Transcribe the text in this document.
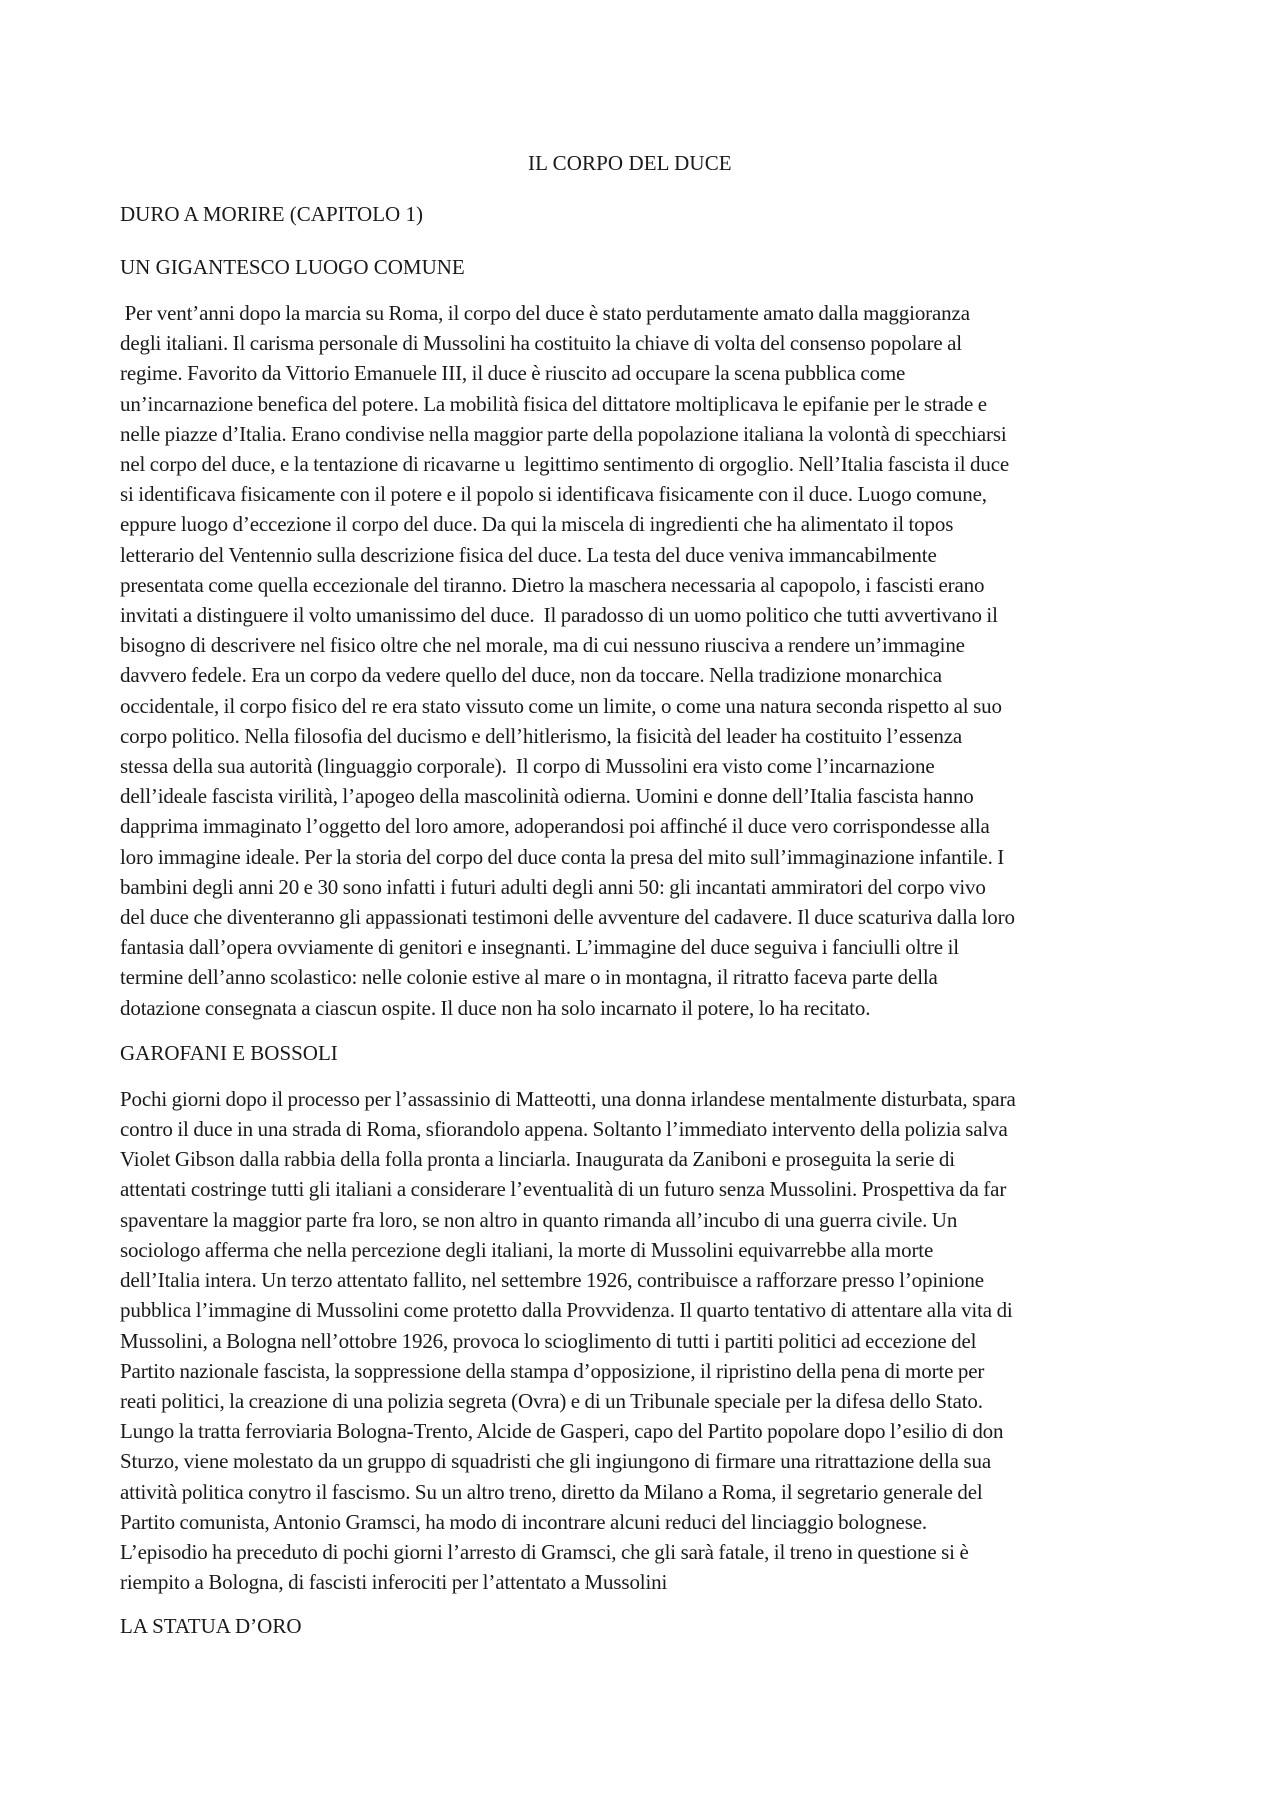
IL CORPO DEL DUCE
DURO A MORIRE (CAPITOLO 1)
UN GIGANTESCO LUOGO COMUNE
Per vent’anni dopo la marcia su Roma, il corpo del duce è stato perdutamente amato dalla maggioranza
degli italiani. Il carisma personale di Mussolini ha costituito la chiave di volta del consenso popolare al
regime. Favorito da Vittorio Emanuele III, il duce è riuscito ad occupare la scena pubblica come
un’incarnazione benefica del potere. La mobilità fisica del dittatore moltiplicava le epifanie per le strade e
nelle piazze d’Italia. Erano condivise nella maggior parte della popolazione italiana la volontà di specchiarsi
nel corpo del duce, e la tentazione di ricavarne u  legittimo sentimento di orgoglio. Nell’Italia fascista il duce
si identificava fisicamente con il potere e il popolo si identificava fisicamente con il duce. Luogo comune,
eppure luogo d’eccezione il corpo del duce. Da qui la miscela di ingredienti che ha alimentato il topos
letterario del Ventennio sulla descrizione fisica del duce. La testa del duce veniva immancabilmente
presentata come quella eccezionale del tiranno. Dietro la maschera necessaria al capopolo, i fascisti erano
invitati a distinguere il volto umanissimo del duce.  Il paradosso di un uomo politico che tutti avvertivano il
bisogno di descrivere nel fisico oltre che nel morale, ma di cui nessuno riusciva a rendere un’immagine
davvero fedele. Era un corpo da vedere quello del duce, non da toccare. Nella tradizione monarchica
occidentale, il corpo fisico del re era stato vissuto come un limite, o come una natura seconda rispetto al suo
corpo politico. Nella filosofia del ducismo e dell’hitlerismo, la fisicità del leader ha costituito l’essenza
stessa della sua autorità (linguaggio corporale).  Il corpo di Mussolini era visto come l’incarnazione
dell’ideale fascista virilità, l’apogeo della mascolinità odierna. Uomini e donne dell’Italia fascista hanno
dapprima immaginato l’oggetto del loro amore, adoperandosi poi affinché il duce vero corrispondesse alla
loro immagine ideale. Per la storia del corpo del duce conta la presa del mito sull’immaginazione infantile. I
bambini degli anni 20 e 30 sono infatti i futuri adulti degli anni 50: gli incantati ammiratori del corpo vivo
del duce che diventeranno gli appassionati testimoni delle avventure del cadavere. Il duce scaturiva dalla loro
fantasia dall’opera ovviamente di genitori e insegnanti. L’immagine del duce seguiva i fanciulli oltre il
termine dell’anno scolastico: nelle colonie estive al mare o in montagna, il ritratto faceva parte della
dotazione consegnata a ciascun ospite. Il duce non ha solo incarnato il potere, lo ha recitato.
GAROFANI E BOSSOLI
Pochi giorni dopo il processo per l’assassinio di Matteotti, una donna irlandese mentalmente disturbata, spara
contro il duce in una strada di Roma, sfiorandolo appena. Soltanto l’immediato intervento della polizia salva
Violet Gibson dalla rabbia della folla pronta a linciarla. Inaugurata da Zaniboni e proseguita la serie di
attentati costringe tutti gli italiani a considerare l’eventualità di un futuro senza Mussolini. Prospettiva da far
spaventare la maggior parte fra loro, se non altro in quanto rimanda all’incubo di una guerra civile. Un
sociologo afferma che nella percezione degli italiani, la morte di Mussolini equivarrebbe alla morte
dell’Italia intera. Un terzo attentato fallito, nel settembre 1926, contribuisce a rafforzare presso l’opinione
pubblica l’immagine di Mussolini come protetto dalla Provvidenza. Il quarto tentativo di attentare alla vita di
Mussolini, a Bologna nell’ottobre 1926, provoca lo scioglimento di tutti i partiti politici ad eccezione del
Partito nazionale fascista, la soppressione della stampa d’opposizione, il ripristino della pena di morte per
reati politici, la creazione di una polizia segreta (Ovra) e di un Tribunale speciale per la difesa dello Stato.
Lungo la tratta ferroviaria Bologna-Trento, Alcide de Gasperi, capo del Partito popolare dopo l’esilio di don
Sturzo, viene molestato da un gruppo di squadristi che gli ingiungono di firmare una ritrattazione della sua
attività politica conytro il fascismo. Su un altro treno, diretto da Milano a Roma, il segretario generale del
Partito comunista, Antonio Gramsci, ha modo di incontrare alcuni reduci del linciaggio bolognese.
L’episodio ha preceduto di pochi giorni l’arresto di Gramsci, che gli sarà fatale, il treno in questione si è
riempito a Bologna, di fascisti inferociti per l’attentato a Mussolini
LA STATUA D’ORO
